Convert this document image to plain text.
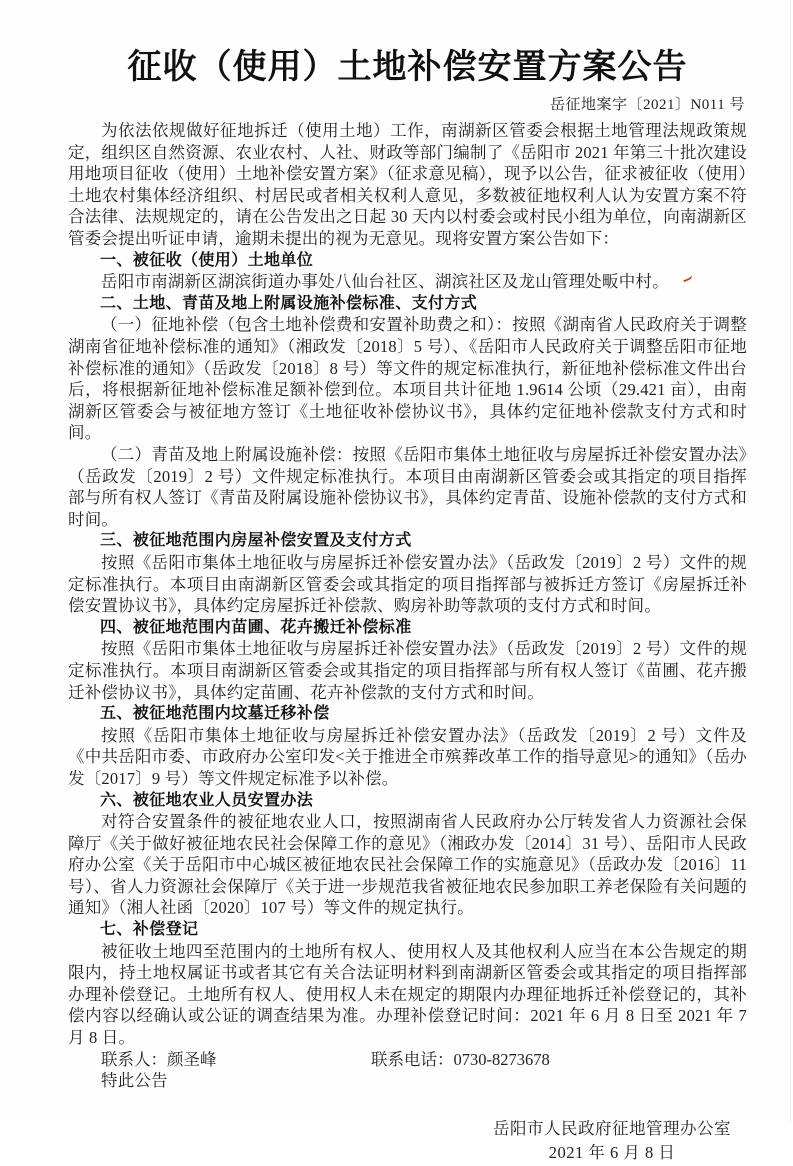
征收（使用）土地补偿安置方案公告
岳征地案字〔2021〕N011 号

为依法依规做好征地拆迁（使用土地）工作，南湖新区管委会根据土地管理法规政策规定，组织区自然资源、农业农村、人社、财政等部门编制了《岳阳市 2021 年第三十批次建设用地项目征收（使用）土地补偿安置方案》（征求意见稿），现予以公告，征求被征收（使用）土地农村集体经济组织、村居民或者相关权利人意见，多数被征地权利人认为安置方案不符合法律、法规规定的，请在公告发出之日起 30 天内以村委会或村民小组为单位，向南湖新区管委会提出听证申请，逾期未提出的视为无意见。现将安置方案公告如下：

一、被征收（使用）土地单位

岳阳市南湖新区湖滨街道办事处八仙台社区、湖滨社区及龙山管理处畈中村。

二、土地、青苗及地上附属设施补偿标准、支付方式

（一）征地补偿（包含土地补偿费和安置补助费之和）：按照《湖南省人民政府关于调整湖南省征地补偿标准的通知》（湘政发〔2018〕5 号）、《岳阳市人民政府关于调整岳阳市征地补偿标准的通知》（岳政发〔2018〕8 号）等文件的规定标准执行，新征地补偿标准文件出台后，将根据新征地补偿标准足额补偿到位。本项目共计征地 1.9614 公顷（29.421 亩），由南湖新区管委会与被征地方签订《土地征收补偿协议书》，具体约定征地补偿款支付方式和时间。

（二）青苗及地上附属设施补偿：按照《岳阳市集体土地征收与房屋拆迁补偿安置办法》（岳政发〔2019〕2 号）文件规定标准执行。本项目由南湖新区管委会或其指定的项目指挥部与所有权人签订《青苗及附属设施补偿协议书》，具体约定青苗、设施补偿款的支付方式和时间。

三、被征地范围内房屋补偿安置及支付方式

按照《岳阳市集体土地征收与房屋拆迁补偿安置办法》（岳政发〔2019〕2 号）文件的规定标准执行。本项目由南湖新区管委会或其指定的项目指挥部与被拆迁方签订《房屋拆迁补偿安置协议书》，具体约定房屋拆迁补偿款、购房补助等款项的支付方式和时间。

四、被征地范围内苗圃、花卉搬迁补偿标准

按照《岳阳市集体土地征收与房屋拆迁补偿安置办法》（岳政发〔2019〕2 号）文件的规定标准执行。本项目南湖新区管委会或其指定的项目指挥部与所有权人签订《苗圃、花卉搬迁补偿协议书》，具体约定苗圃、花卉补偿款的支付方式和时间。

五、被征地范围内坟墓迁移补偿

按照《岳阳市集体土地征收与房屋拆迁补偿安置办法》（岳政发〔2019〕2 号）文件及《中共岳阳市委、市政府办公室印发<关于推进全市殡葬改革工作的指导意见>的通知》（岳办发〔2017〕9 号）等文件规定标准予以补偿。

六、被征地农业人员安置办法

对符合安置条件的被征地农业人口，按照湖南省人民政府办公厅转发省人力资源社会保障厅《关于做好被征地农民社会保障工作的意见》（湘政办发〔2014〕31 号）、岳阳市人民政府办公室《关于岳阳市中心城区被征地农民社会保障工作的实施意见》（岳政办发〔2016〕11 号）、省人力资源社会保障厅《关于进一步规范我省被征地农民参加职工养老保险有关问题的通知》（湘人社函〔2020〕107 号）等文件的规定执行。

七、补偿登记

被征收土地四至范围内的土地所有权人、使用权人及其他权利人应当在本公告规定的期限内，持土地权属证书或者其它有关合法证明材料到南湖新区管委会或其指定的项目指挥部办理补偿登记。土地所有权人、使用权人未在规定的期限内办理征地拆迁补偿登记的，其补偿内容以经确认或公证的调查结果为准。办理补偿登记时间：2021 年 6 月 8 日至 2021 年 7 月 8 日。

联系人：颜圣峰	联系电话：0730-8273678

特此公告

岳阳市人民政府征地管理办公室
2021 年 6 月 8 日
